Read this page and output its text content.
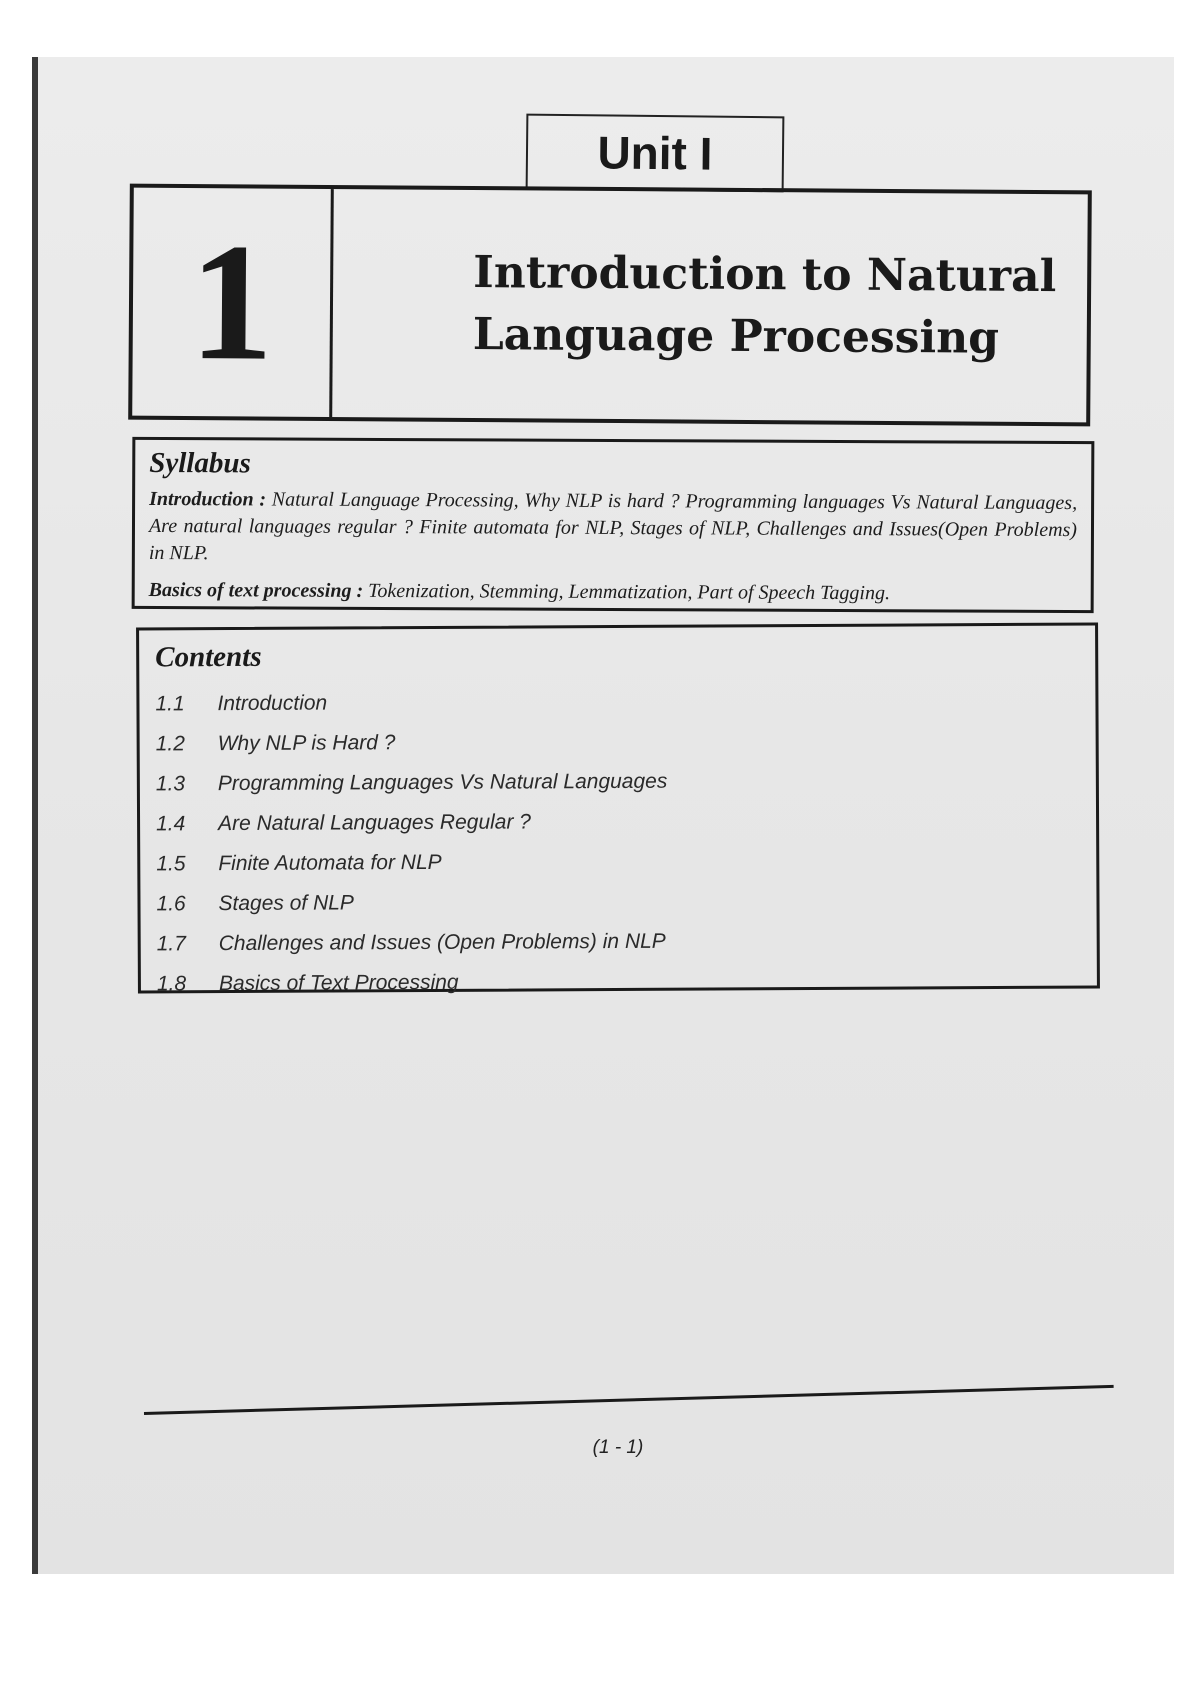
Unit I
1	Introduction to Natural
Language Processing
Syllabus

Introduction : Natural Language Processing, Why NLP is hard ? Programming languages Vs Natural Languages, Are natural languages regular ? Finite automata for NLP, Stages of NLP, Challenges and Issues(Open Problems) in NLP.

Basics of text processing : Tokenization, Stemming, Lemmatization, Part of Speech Tagging.

Contents
1.1 Introduction
1.2 Why NLP is Hard ?
1.3 Programming Languages Vs Natural Languages
1.4 Are Natural Languages Regular ?
1.5 Finite Automata for NLP
1.6 Stages of NLP
1.7 Challenges and Issues (Open Problems) in NLP
1.8 Basics of Text Processing
(1 - 1)
